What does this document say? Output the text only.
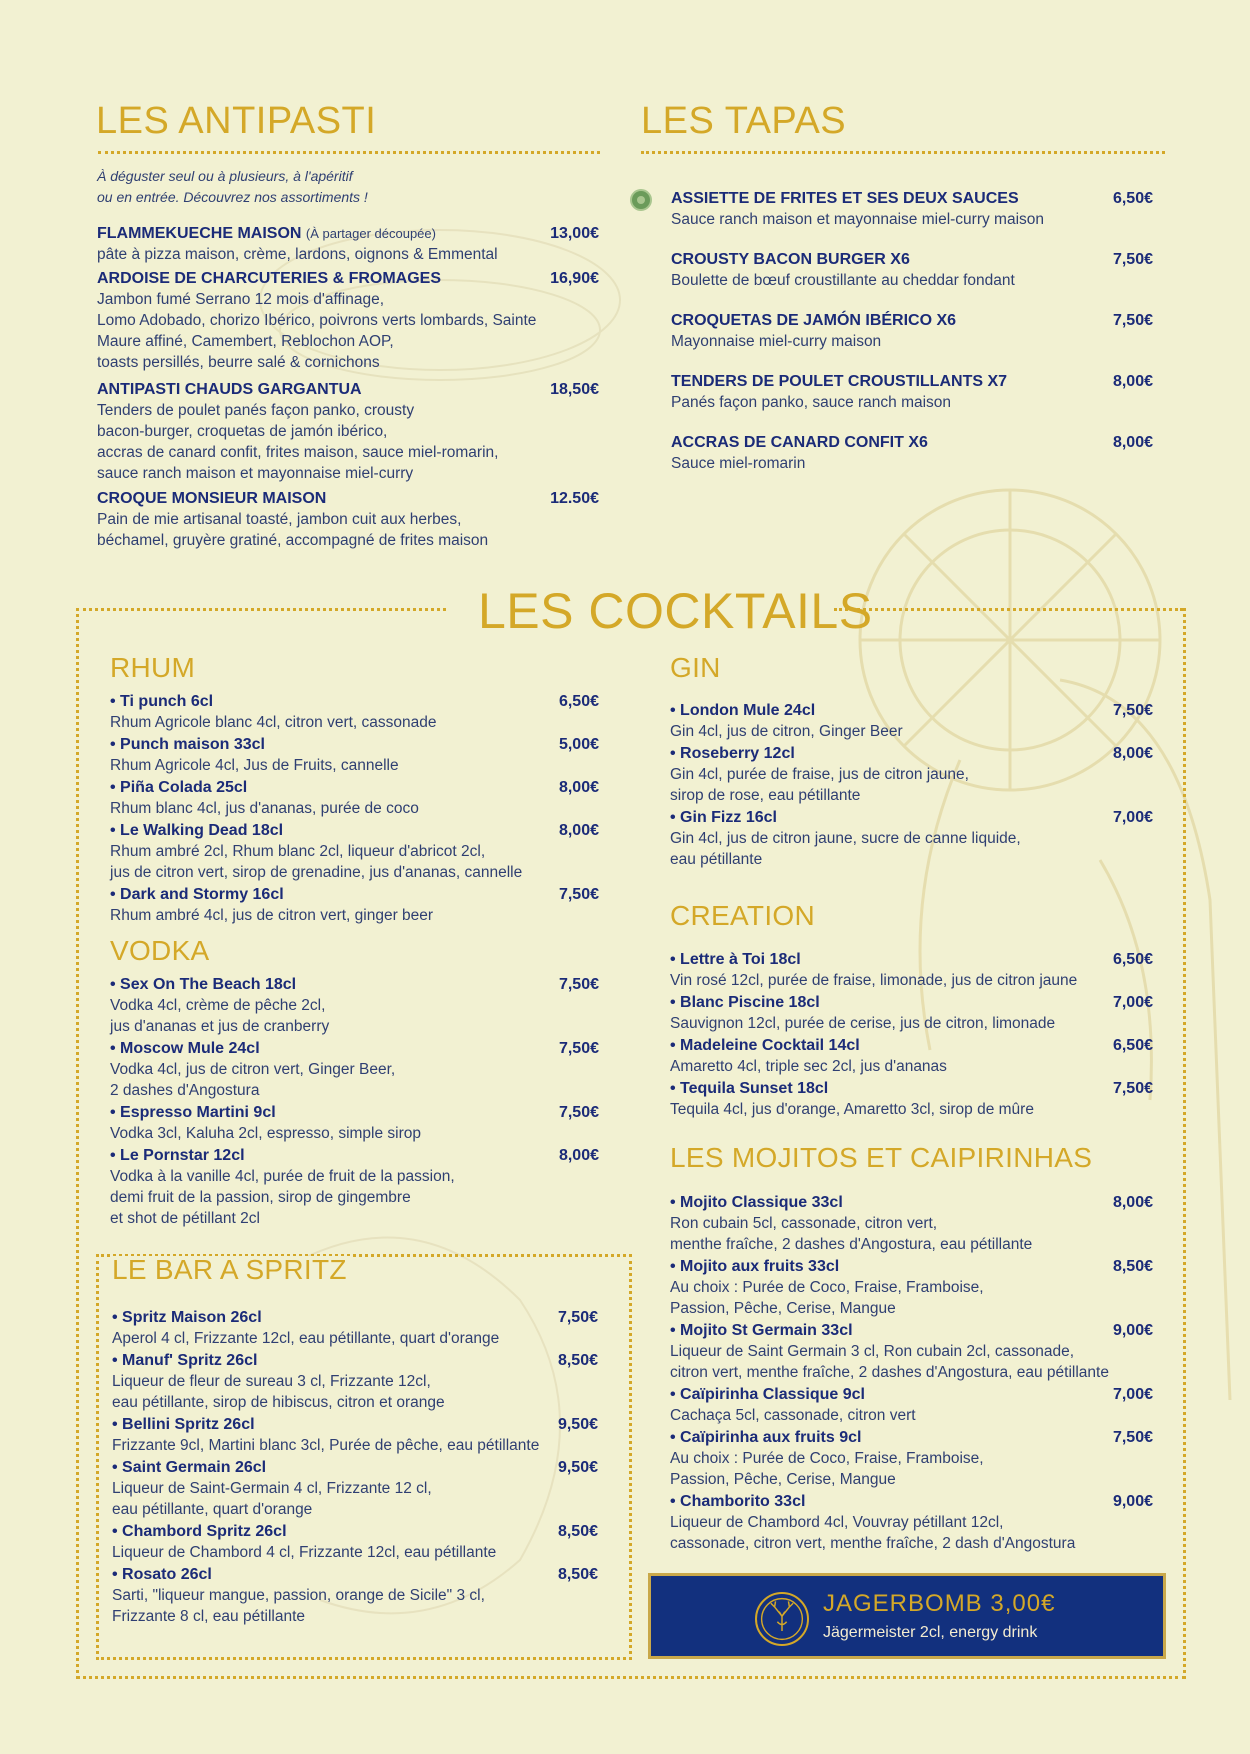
LES ANTIPASTI
À déguster seul ou à plusieurs, à l'apéritif
ou en entrée. Découvrez nos assortiments !
FLAMMEKUECHE MAISON (À partager découpée)	13,00€
pâte à pizza maison, crème, lardons, oignons & Emmental
ARDOISE DE CHARCUTERIES & FROMAGES	16,90€
Jambon fumé Serrano 12 mois d'affinage,
Lomo Adobado, chorizo Ibérico, poivrons verts lombards, Sainte
Maure affiné, Camembert, Reblochon AOP,
toasts persillés, beurre salé & cornichons
ANTIPASTI CHAUDS GARGANTUA	18,50€
Tenders de poulet panés façon panko, crousty
bacon-burger, croquetas de jamón ibérico,
accras de canard confit, frites maison, sauce miel-romarin,
sauce ranch maison et mayonnaise miel-curry
CROQUE MONSIEUR MAISON	12.50€
Pain de mie artisanal toasté, jambon cuit aux herbes,
béchamel, gruyère gratiné, accompagné de frites maison
LES TAPAS
ASSIETTE DE FRITES ET SES DEUX SAUCES	6,50€
Sauce ranch maison et mayonnaise miel-curry maison
CROUSTY BACON BURGER X6	7,50€
Boulette de bœuf croustillante au cheddar fondant
CROQUETAS DE JAMÓN IBÉRICO X6	7,50€
Mayonnaise miel-curry maison
TENDERS DE POULET CROUSTILLANTS X7	8,00€
Panés façon panko, sauce ranch maison
ACCRAS DE CANARD CONFIT X6	8,00€
Sauce miel-romarin
LES COCKTAILS
RHUM
• Ti punch 6cl	6,50€
Rhum Agricole blanc 4cl, citron vert, cassonade
• Punch maison 33cl	5,00€
Rhum Agricole 4cl, Jus de Fruits, cannelle
• Piña Colada 25cl	8,00€
Rhum blanc 4cl, jus d'ananas, purée de coco
• Le Walking Dead 18cl	8,00€
Rhum ambré 2cl, Rhum blanc 2cl, liqueur d'abricot 2cl,
jus de citron vert, sirop de grenadine, jus d'ananas, cannelle
• Dark and Stormy 16cl	7,50€
Rhum ambré 4cl, jus de citron vert, ginger beer
VODKA
• Sex On The Beach 18cl	7,50€
Vodka 4cl, crème de pêche 2cl,
jus d'ananas et jus de cranberry
• Moscow Mule 24cl	7,50€
Vodka 4cl, jus de citron vert, Ginger Beer,
2 dashes d'Angostura
• Espresso Martini 9cl	7,50€
Vodka 3cl, Kaluha 2cl, espresso, simple sirop
• Le Pornstar 12cl	8,00€
Vodka à la vanille 4cl, purée de fruit de la passion,
demi fruit de la passion, sirop de gingembre
et shot de pétillant 2cl
LE BAR A SPRITZ
• Spritz Maison 26cl	7,50€
Aperol 4 cl, Frizzante 12cl, eau pétillante, quart d'orange
• Manuf' Spritz 26cl	8,50€
Liqueur de fleur de sureau 3 cl, Frizzante 12cl,
eau pétillante, sirop de hibiscus, citron et orange
• Bellini Spritz 26cl	9,50€
Frizzante 9cl, Martini blanc 3cl, Purée de pêche, eau pétillante
• Saint Germain 26cl	9,50€
Liqueur de Saint-Germain 4 cl, Frizzante 12 cl,
eau pétillante, quart d'orange
• Chambord Spritz 26cl	8,50€
Liqueur de Chambord 4 cl, Frizzante 12cl, eau pétillante
• Rosato 26cl	8,50€
Sarti, "liqueur mangue, passion, orange de Sicile" 3 cl,
Frizzante 8 cl, eau pétillante
GIN
• London Mule 24cl	7,50€
Gin 4cl, jus de citron, Ginger Beer
• Roseberry 12cl	8,00€
Gin 4cl, purée de fraise, jus de citron jaune,
sirop de rose, eau pétillante
• Gin Fizz 16cl	7,00€
Gin 4cl, jus de citron jaune, sucre de canne liquide,
eau pétillante
CREATION
• Lettre à Toi 18cl	6,50€
Vin rosé 12cl, purée de fraise, limonade, jus de citron jaune
• Blanc Piscine 18cl	7,00€
Sauvignon 12cl, purée de cerise, jus de citron, limonade
• Madeleine Cocktail 14cl	6,50€
Amaretto 4cl, triple sec 2cl, jus d'ananas
• Tequila Sunset 18cl	7,50€
Tequila 4cl, jus d'orange, Amaretto 3cl, sirop de mûre
LES MOJITOS ET CAIPIRINHAS
• Mojito Classique 33cl	8,00€
Ron cubain 5cl, cassonade, citron vert,
menthe fraîche, 2 dashes d'Angostura, eau pétillante
• Mojito aux fruits 33cl	8,50€
Au choix : Purée de Coco, Fraise, Framboise,
Passion, Pêche, Cerise, Mangue
• Mojito St Germain 33cl	9,00€
Liqueur de Saint Germain 3 cl, Ron cubain 2cl, cassonade,
citron vert, menthe fraîche, 2 dashes d'Angostura, eau pétillante
• Caïpirinha Classique 9cl	7,00€
Cachaça 5cl, cassonade, citron vert
• Caïpirinha aux fruits 9cl	7,50€
Au choix : Purée de Coco, Fraise, Framboise,
Passion, Pêche, Cerise, Mangue
• Chamborito 33cl	9,00€
Liqueur de Chambord 4cl, Vouvray pétillant 12cl,
cassonade, citron vert, menthe fraîche, 2 dash d'Angostura
JAGERBOMB 3,00€
Jägermeister 2cl, energy drink
